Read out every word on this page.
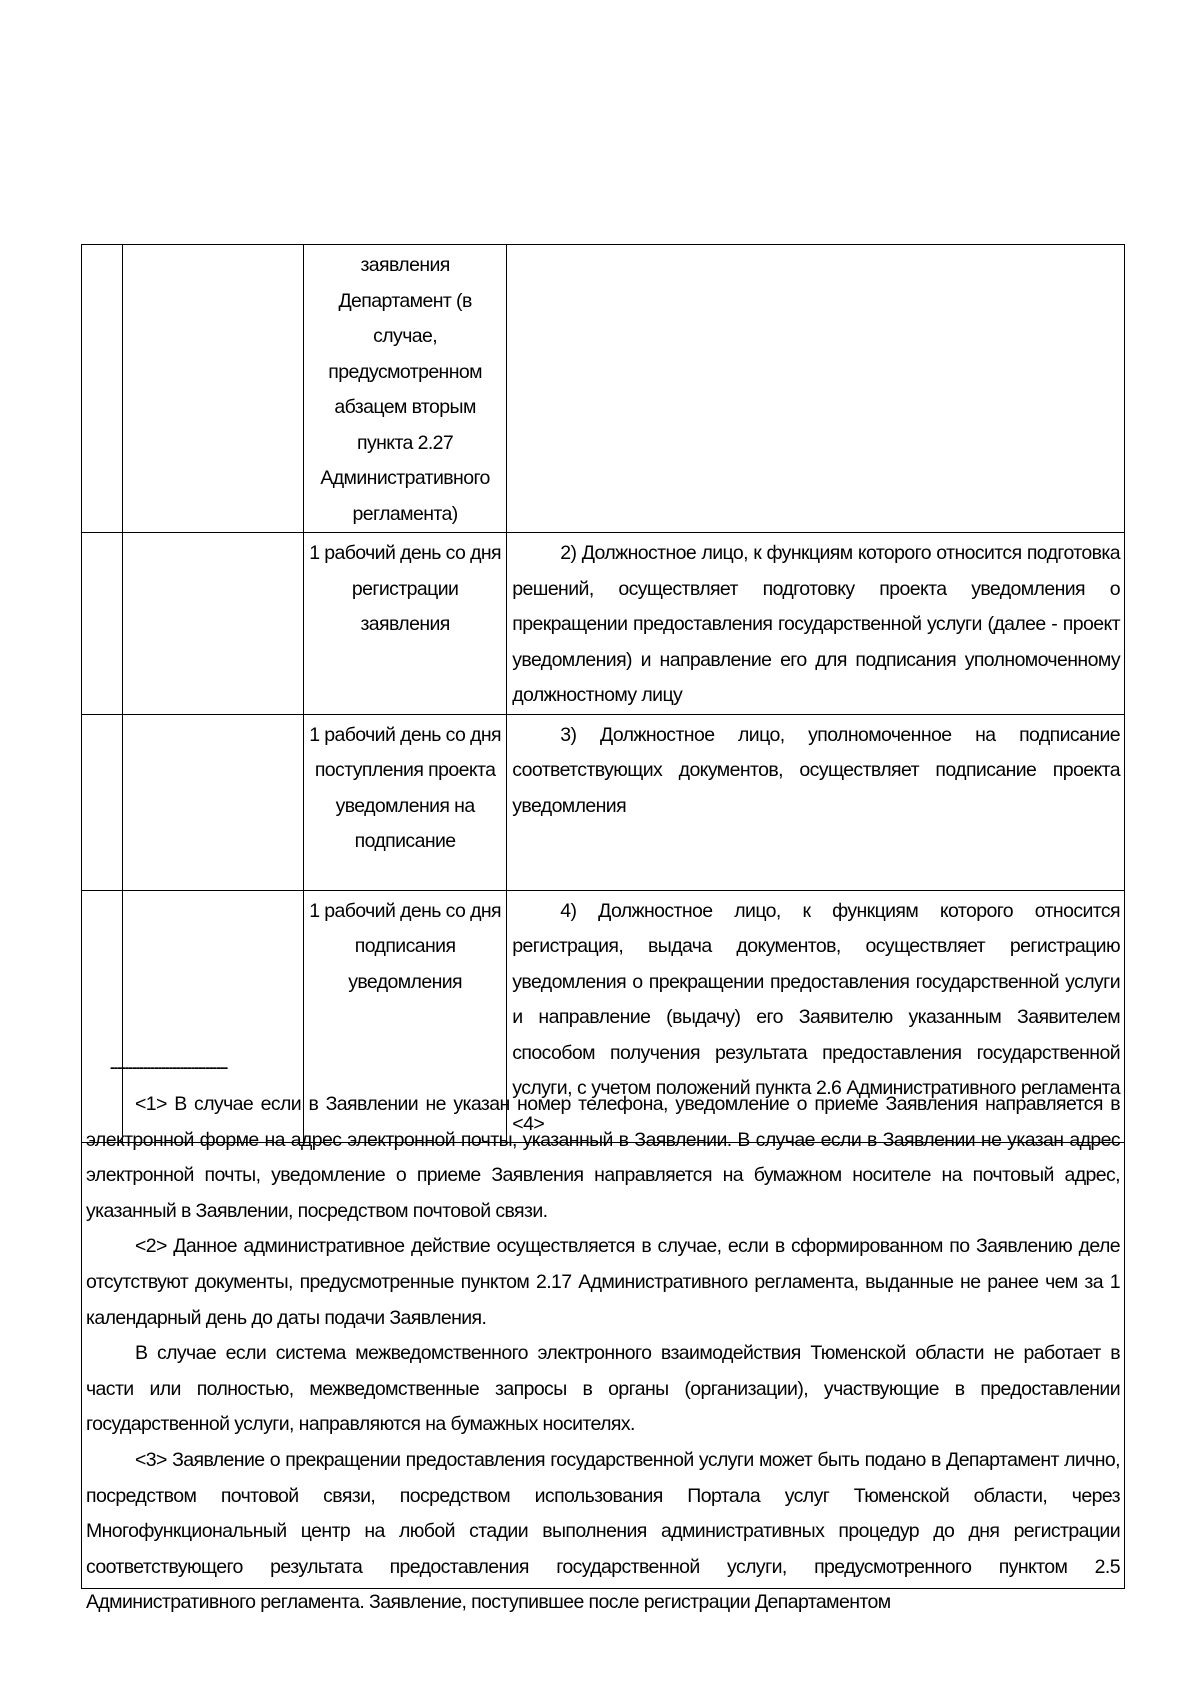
		заявления Департамент (в случае, предусмотренном абзацем вторым пункта 2.27 Административного регламента)	
		1 рабочий день со дня регистрации заявления	2) Должностное лицо, к функциям которого относится подготовка решений, осуществляет подготовку проекта уведомления о прекращении предоставления государственной услуги (далее - проект уведомления) и направление его для подписания уполномоченному должностному лицу
		1 рабочий день со дня поступления проекта уведомления на подписание	3) Должностное лицо, уполномоченное на подписание соответствующих документов, осуществляет подписание проекта уведомления
		1 рабочий день со дня подписания уведомления	4) Должностное лицо, к функциям которого относится регистрация, выдача документов, осуществляет регистрацию уведомления о прекращении предоставления государственной услуги и направление (выдачу) его Заявителю указанным Заявителем способом получения результата предоставления государственной услуги, с учетом положений пункта 2.6 Административного регламента <4>
--------------------------------

<1> В случае если в Заявлении не указан номер телефона, уведомление о приеме Заявления направляется в электронной форме на адрес электронной почты, указанный в Заявлении. В случае если в Заявлении не указан адрес электронной почты, уведомление о приеме Заявления направляется на бумажном носителе на почтовый адрес, указанный в Заявлении, посредством почтовой связи.

<2> Данное административное действие осуществляется в случае, если в сформированном по Заявлению деле отсутствуют документы, предусмотренные пунктом 2.17 Административного регламента, выданные не ранее чем за 1 календарный день до даты подачи Заявления.

В случае если система межведомственного электронного взаимодействия Тюменской области не работает в части или полностью, межведомственные запросы в органы (организации), участвующие в предоставлении государственной услуги, направляются на бумажных носителях.

<3> Заявление о прекращении предоставления государственной услуги может быть подано в Департамент лично, посредством почтовой связи, посредством использования Портала услуг Тюменской области, через Многофункциональный центр на любой стадии выполнения административных процедур до дня регистрации соответствующего результата предоставления государственной услуги, предусмотренного пунктом 2.5 Административного регламента. Заявление, поступившее после регистрации Департаментом
